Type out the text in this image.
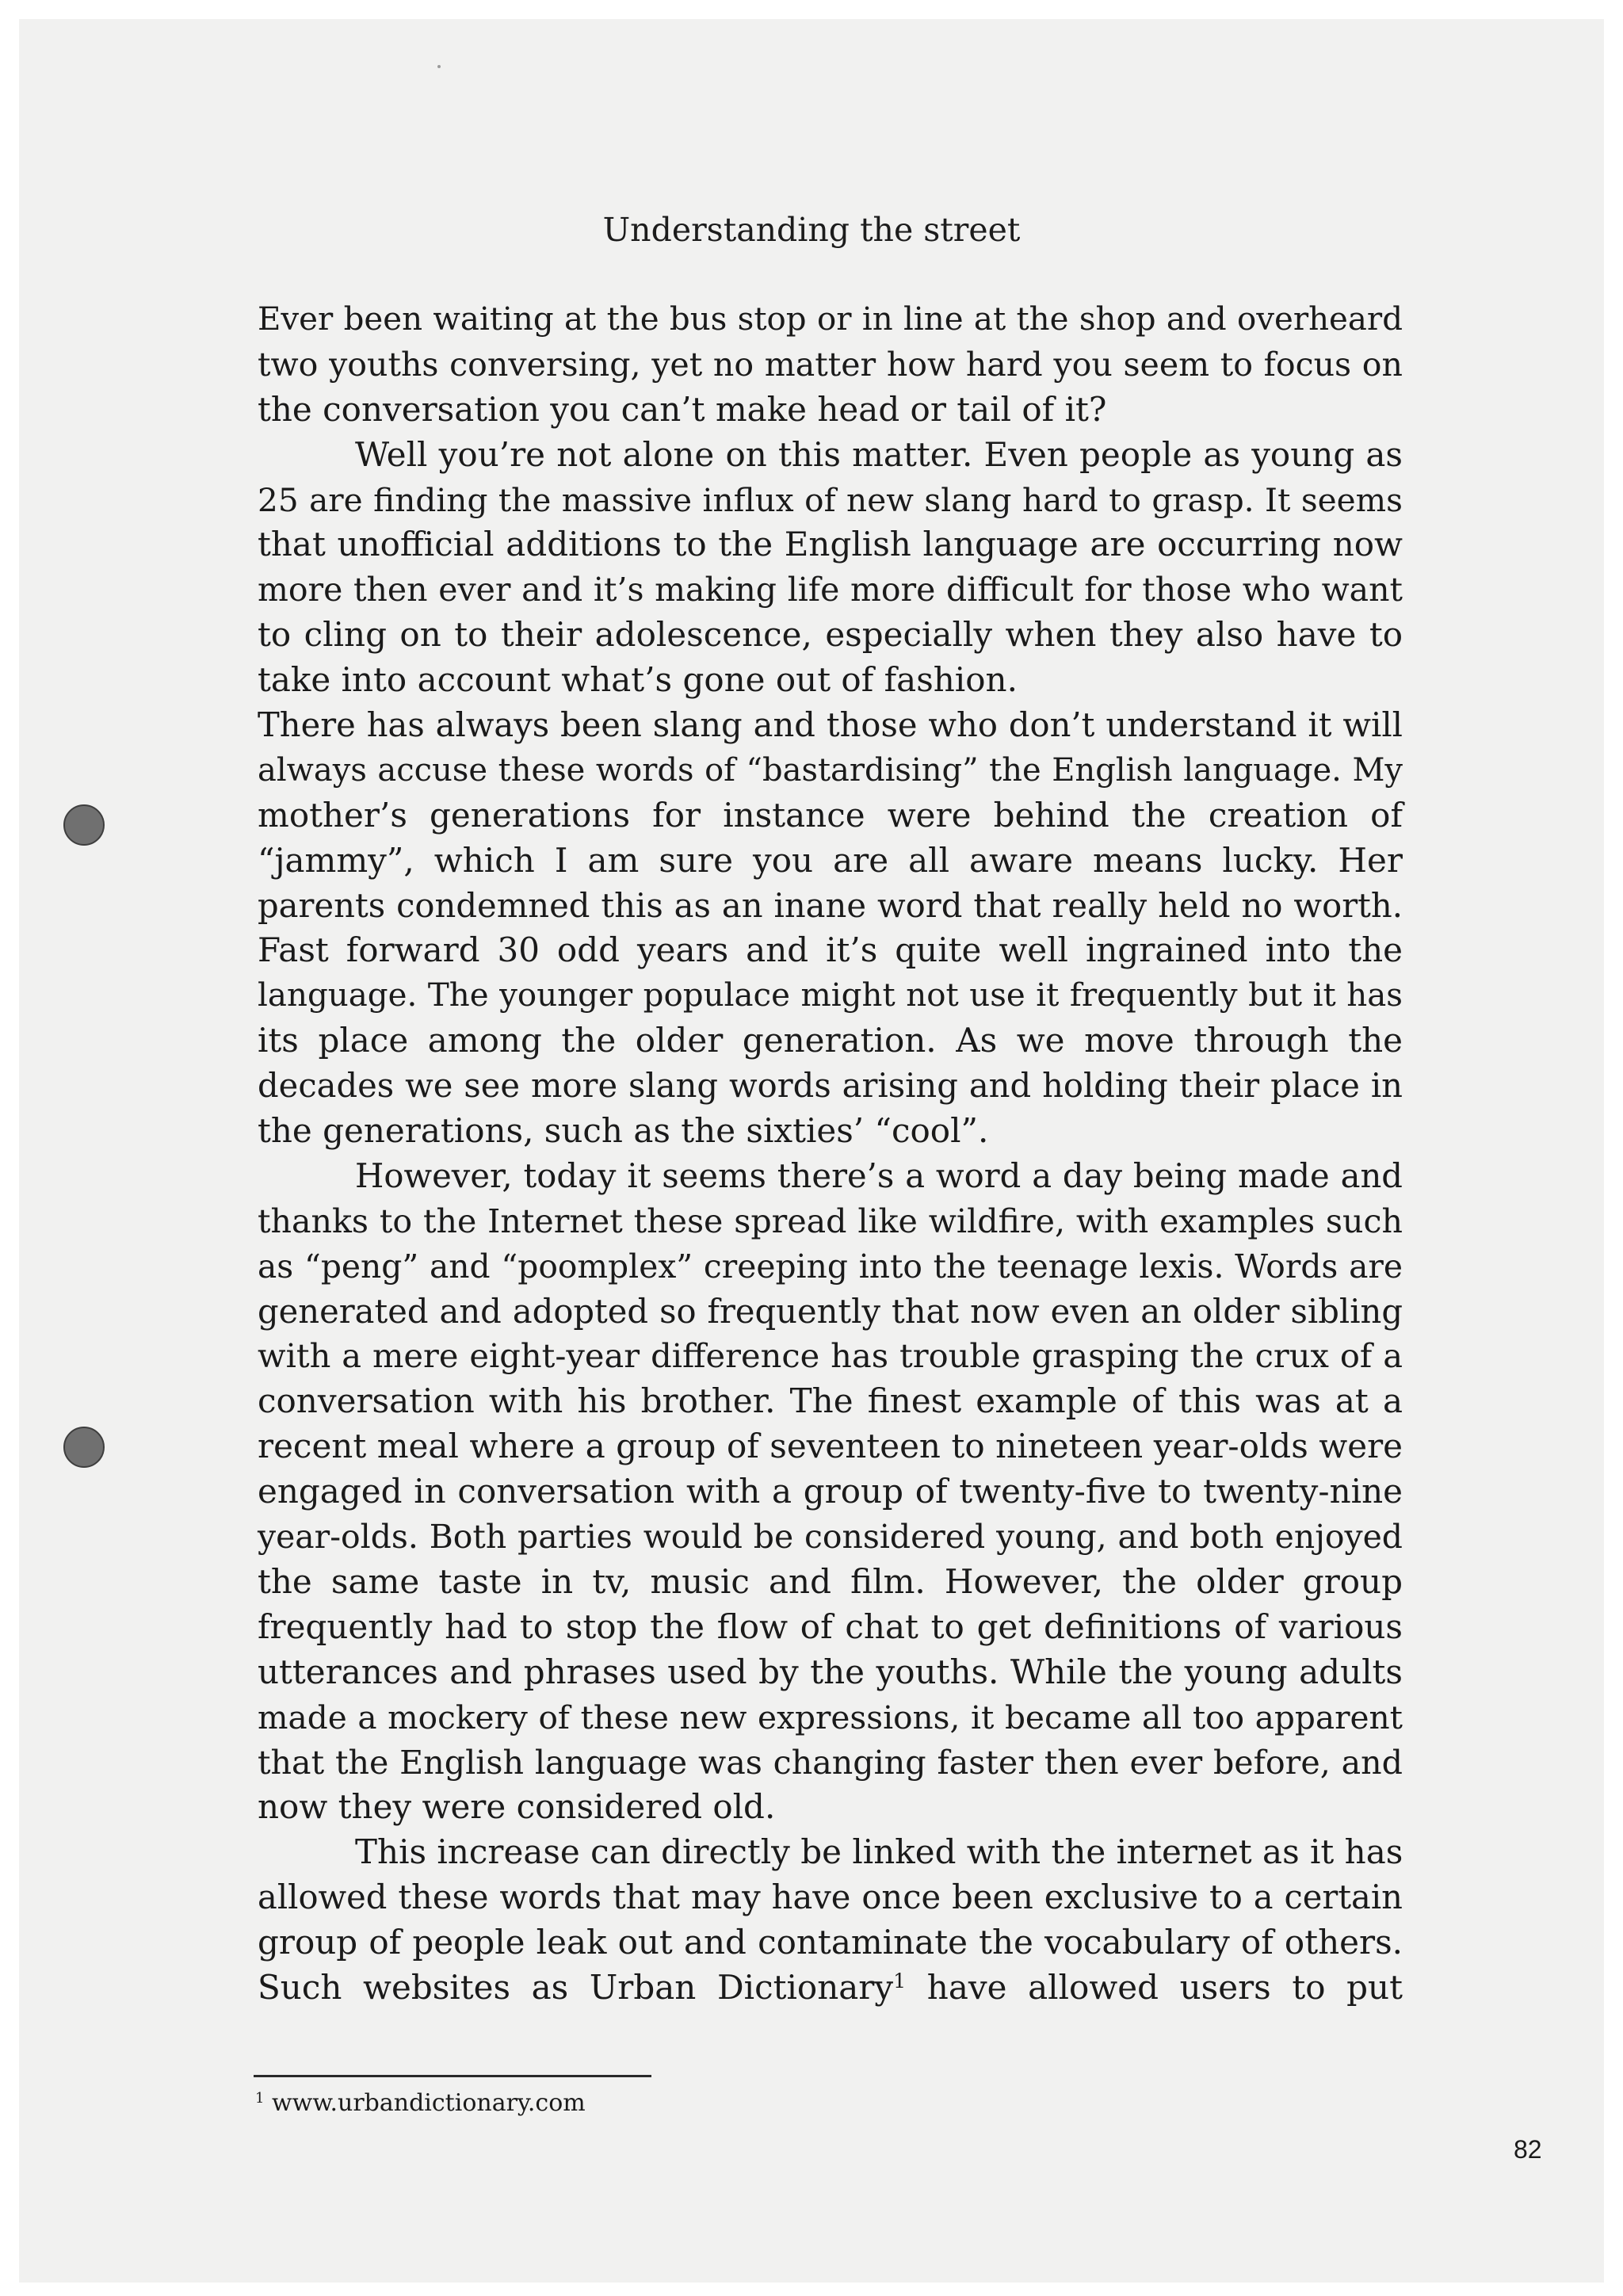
Understanding the street
Ever been waiting at the bus stop or in line at the shop and overheard
two youths conversing, yet no matter how hard you seem to focus on
the conversation you can’t make head or tail of it?
Well you’re not alone on this matter. Even people as young as
25 are finding the massive influx of new slang hard to grasp. It seems
that unofficial additions to the English language are occurring now
more then ever and it’s making life more difficult for those who want
to cling on to their adolescence, especially when they also have to
take into account what’s gone out of fashion.
There has always been slang and those who don’t understand it will
always accuse these words of “bastardising” the English language. My
mother’s generations for instance were behind the creation of
“jammy”, which I am sure you are all aware means lucky. Her
parents condemned this as an inane word that really held no worth.
Fast forward 30 odd years and it’s quite well ingrained into the
language. The younger populace might not use it frequently but it has
its place among the older generation. As we move through the
decades we see more slang words arising and holding their place in
the generations, such as the sixties’ “cool”.
However, today it seems there’s a word a day being made and
thanks to the Internet these spread like wildfire, with examples such
as “peng” and “poomplex” creeping into the teenage lexis. Words are
generated and adopted so frequently that now even an older sibling
with a mere eight-year difference has trouble grasping the crux of a
conversation with his brother. The finest example of this was at a
recent meal where a group of seventeen to nineteen year-olds were
engaged in conversation with a group of twenty-five to twenty-nine
year-olds. Both parties would be considered young, and both enjoyed
the same taste in tv, music and film. However, the older group
frequently had to stop the flow of chat to get definitions of various
utterances and phrases used by the youths. While the young adults
made a mockery of these new expressions, it became all too apparent
that the English language was changing faster then ever before, and
now they were considered old.
This increase can directly be linked with the internet as it has
allowed these words that may have once been exclusive to a certain
group of people leak out and contaminate the vocabulary of others.
Such websites as Urban Dictionary$^1$ have allowed users to put
$^1$ www.urbandictionary.com
82
